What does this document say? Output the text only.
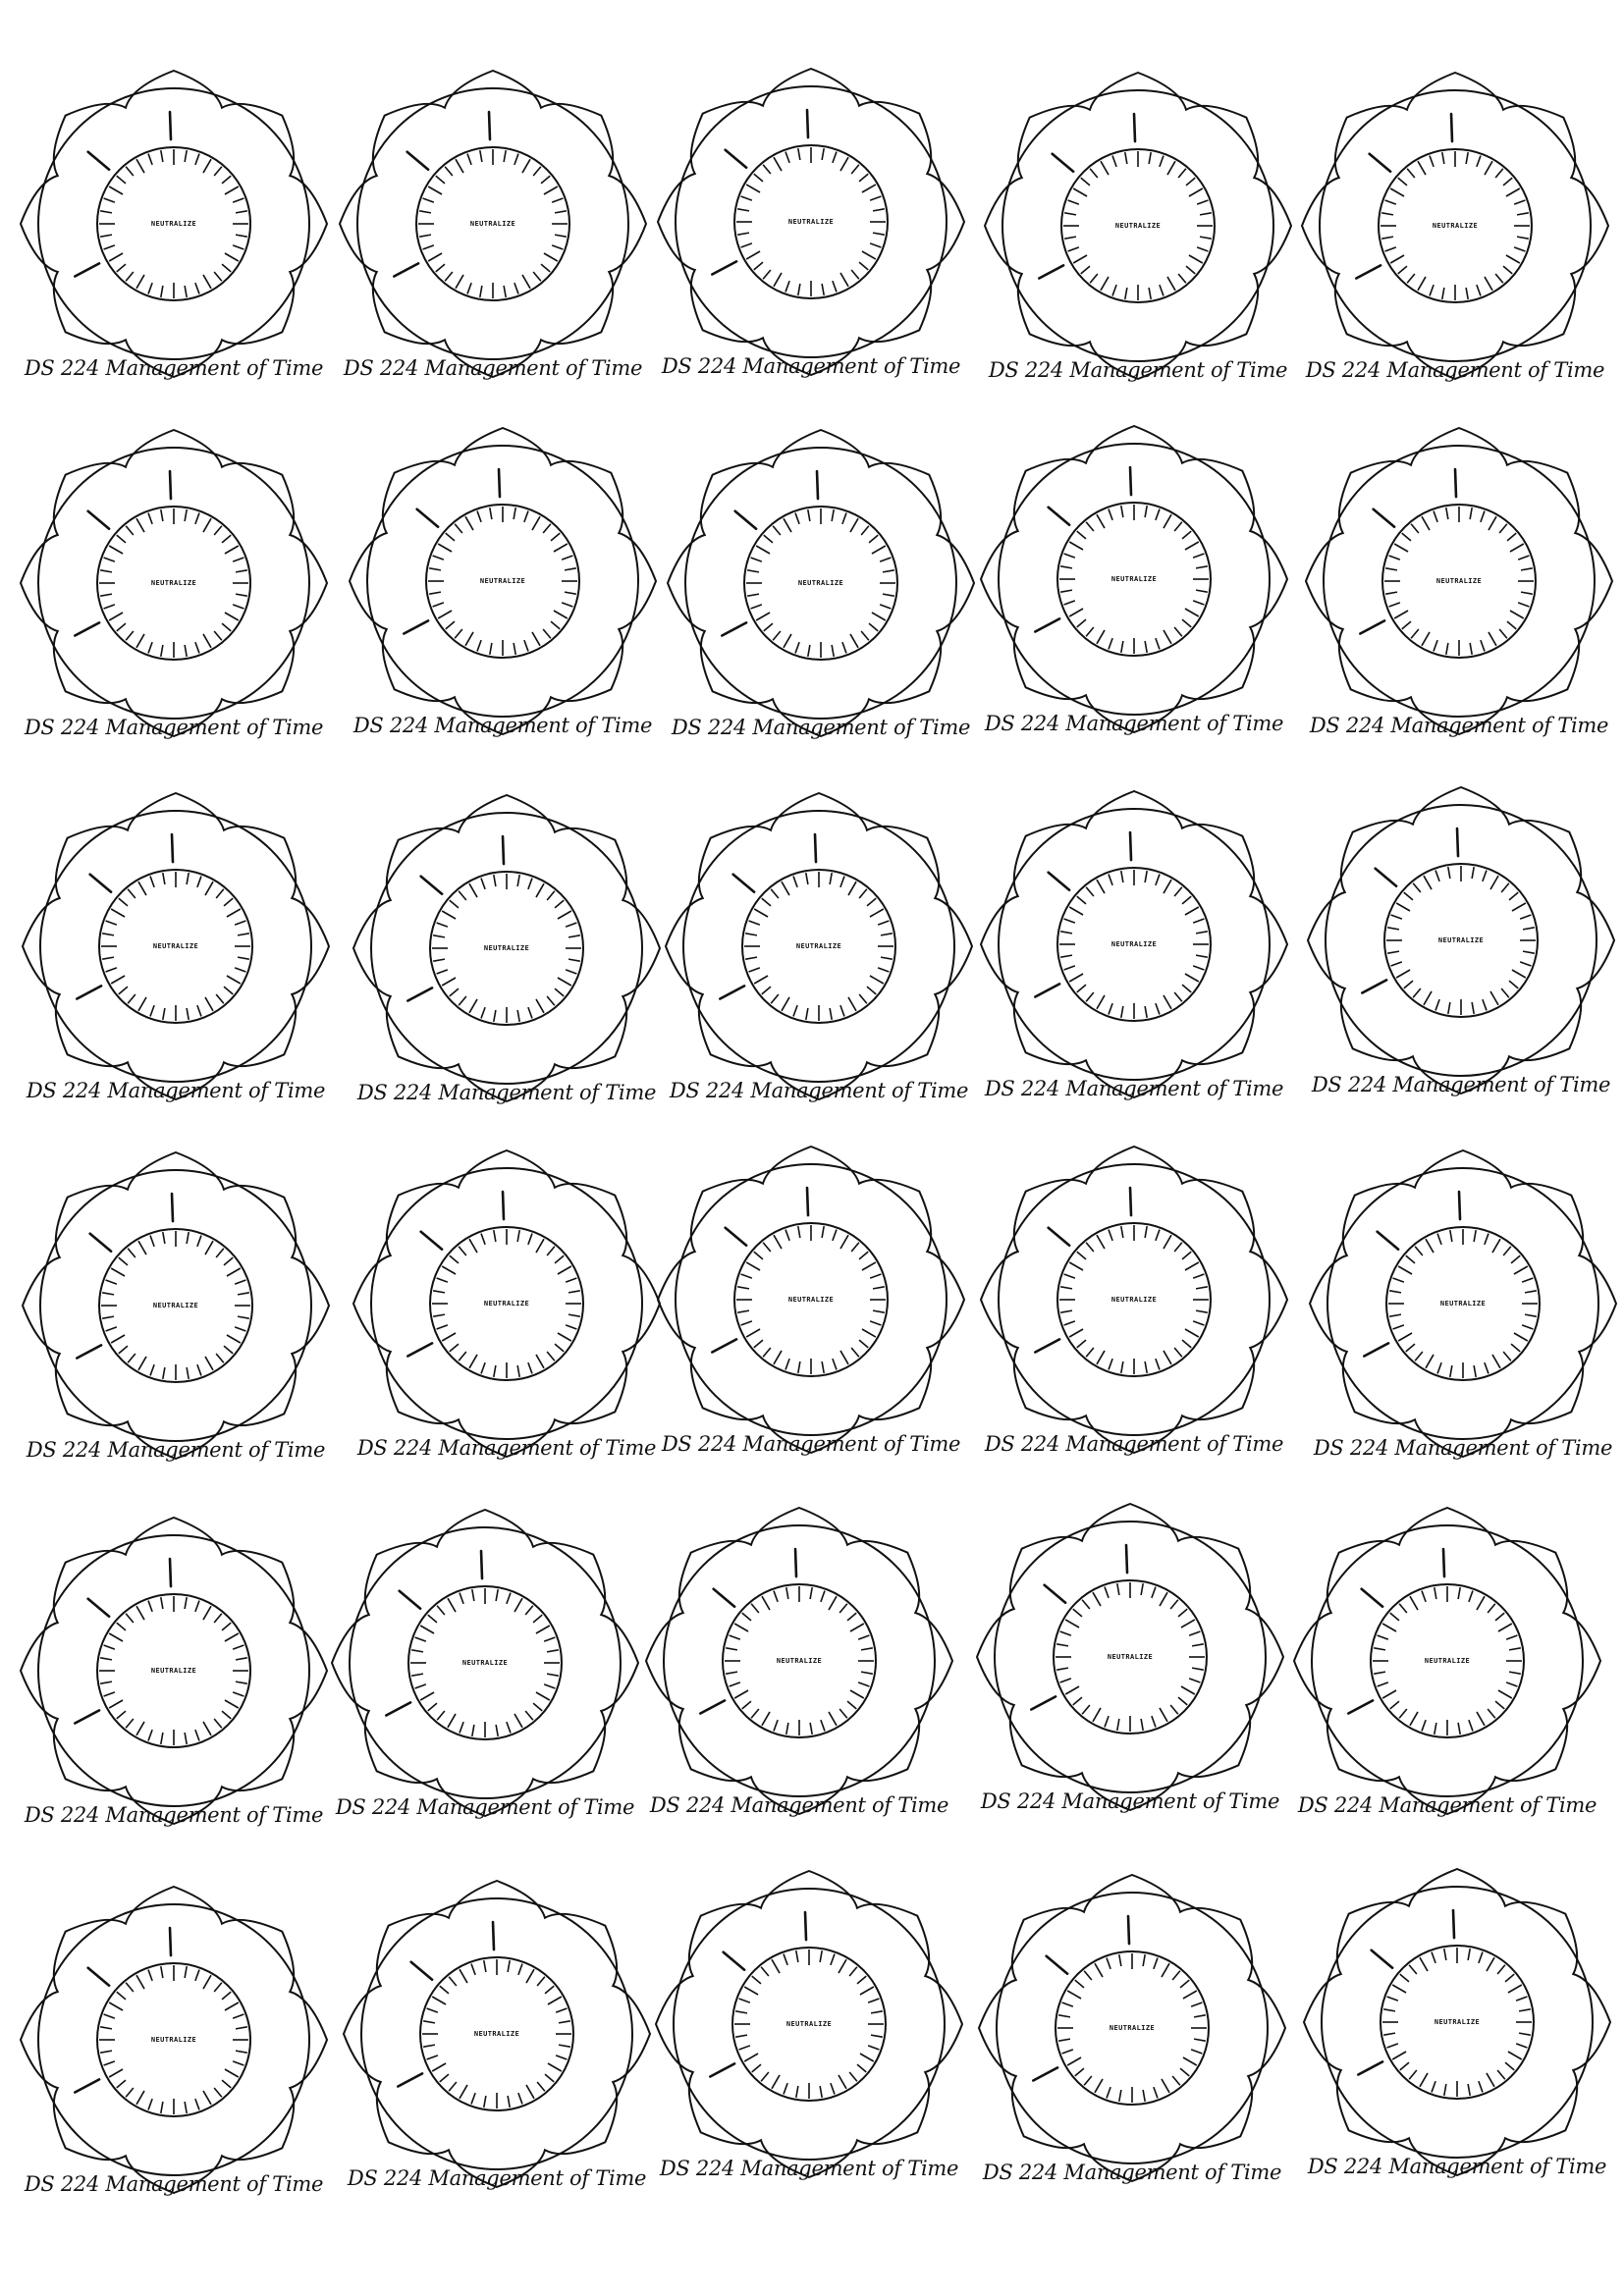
NEUTRALIZE
DS 224 Management of Time
NEUTRALIZE
DS 224 Management of Time
NEUTRALIZE
DS 224 Management of Time
NEUTRALIZE
DS 224 Management of Time
NEUTRALIZE
DS 224 Management of Time
NEUTRALIZE
DS 224 Management of Time
NEUTRALIZE
DS 224 Management of Time
NEUTRALIZE
DS 224 Management of Time
NEUTRALIZE
DS 224 Management of Time
NEUTRALIZE
DS 224 Management of Time
NEUTRALIZE
DS 224 Management of Time
NEUTRALIZE
DS 224 Management of Time
NEUTRALIZE
DS 224 Management of Time
NEUTRALIZE
DS 224 Management of Time
NEUTRALIZE
DS 224 Management of Time
NEUTRALIZE
DS 224 Management of Time
NEUTRALIZE
DS 224 Management of Time
NEUTRALIZE
DS 224 Management of Time
NEUTRALIZE
DS 224 Management of Time
NEUTRALIZE
DS 224 Management of Time
NEUTRALIZE
DS 224 Management of Time
NEUTRALIZE
DS 224 Management of Time
NEUTRALIZE
DS 224 Management of Time
NEUTRALIZE
DS 224 Management of Time
NEUTRALIZE
DS 224 Management of Time
NEUTRALIZE
DS 224 Management of Time
NEUTRALIZE
DS 224 Management of Time
NEUTRALIZE
DS 224 Management of Time
NEUTRALIZE
DS 224 Management of Time
NEUTRALIZE
DS 224 Management of Time
